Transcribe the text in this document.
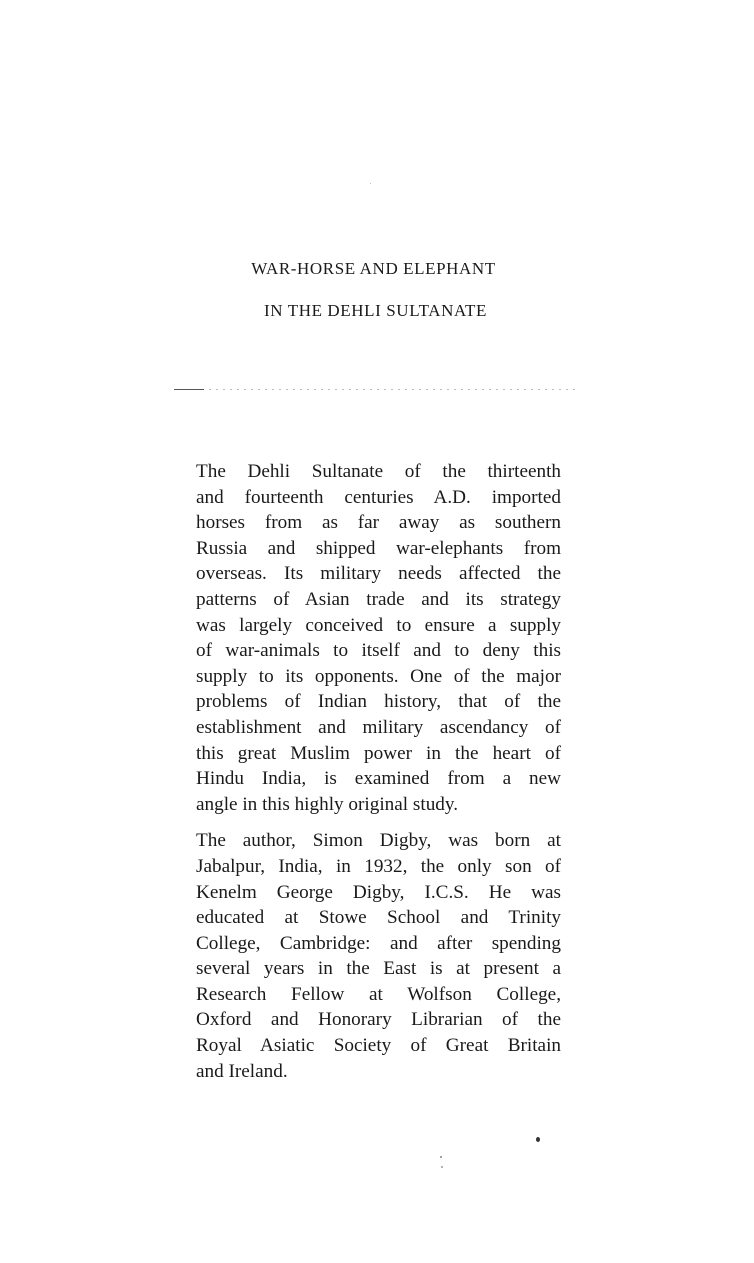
WAR-HORSE AND ELEPHANT
IN THE DEHLI SULTANATE

The Dehli Sultanate of the thirteenth
and fourteenth centuries A.D. imported
horses from as far away as southern
Russia and shipped war-elephants from
overseas. Its military needs affected the
patterns of Asian trade and its strategy
was largely conceived to ensure a supply
of war-animals to itself and to deny this
supply to its opponents. One of the major
problems of Indian history, that of the
establishment and military ascendancy of
this great Muslim power in the heart of
Hindu India, is examined from a new
angle in this highly original study.

The author, Simon Digby, was born at
Jabalpur, India, in 1932, the only son of
Kenelm George Digby, I.C.S. He was
educated at Stowe School and Trinity
College, Cambridge: and after spending
several years in the East is at present a
Research Fellow at Wolfson College,
Oxford and Honorary Librarian of the
Royal Asiatic Society of Great Britain
and Ireland.
